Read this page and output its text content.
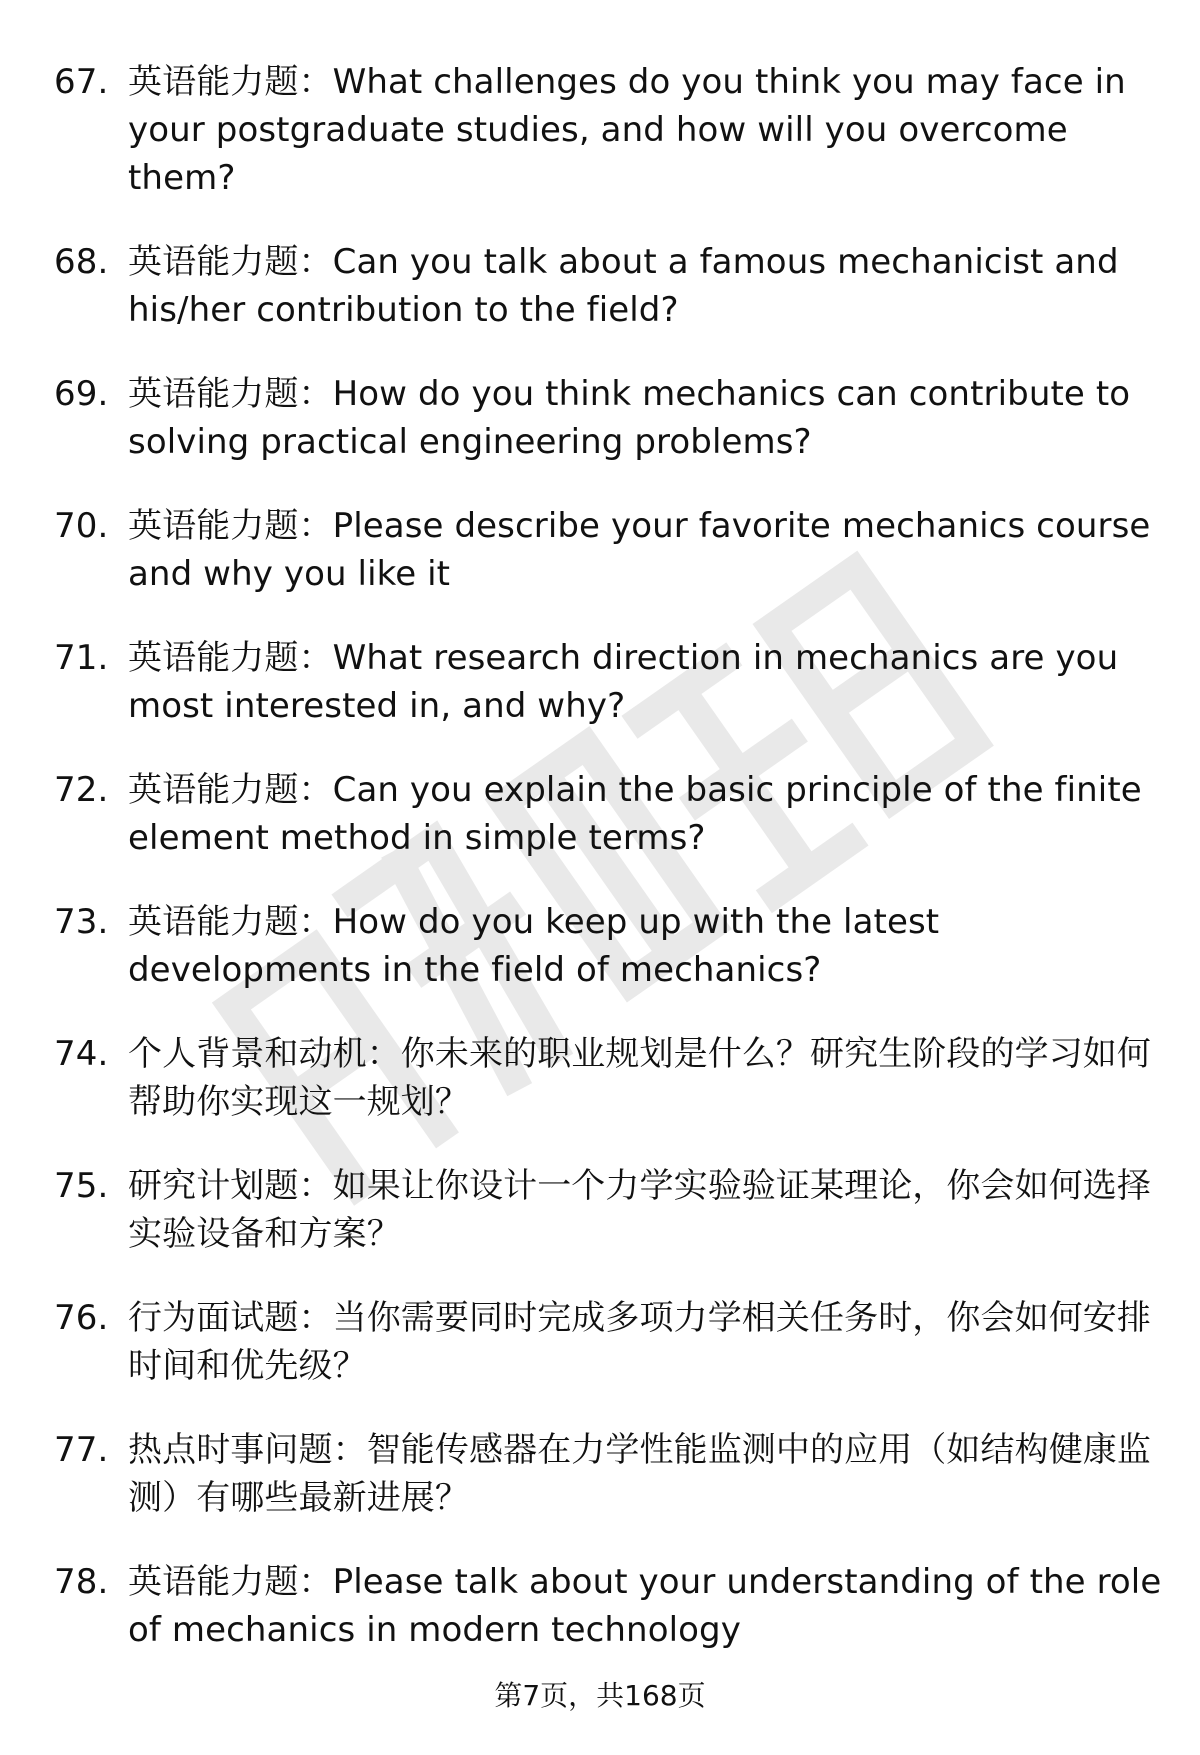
67. 英语能力题：What challenges do you think you may face in your postgraduate studies, and how will you overcome them?
68. 英语能力题：Can you talk about a famous mechanicist and his/her contribution to the field?
69. 英语能力题：How do you think mechanics can contribute to solving practical engineering problems?
70. 英语能力题：Please describe your favorite mechanics course and why you like it
71. 英语能力题：What research direction in mechanics are you most interested in, and why?
72. 英语能力题：Can you explain the basic principle of the finite element method in simple terms?
73. 英语能力题：How do you keep up with the latest developments in the field of mechanics?
74. 个人背景和动机：你未来的职业规划是什么？研究生阶段的学习如何帮助你实现这一规划？
75. 研究计划题：如果让你设计一个力学实验验证某理论，你会如何选择实验设备和方案？
76. 行为面试题：当你需要同时完成多项力学相关任务时，你会如何安排时间和优先级？
77. 热点时事问题：智能传感器在力学性能监测中的应用（如结构健康监测）有哪些最新进展？
78. 英语能力题：Please talk about your understanding of the role of mechanics in modern technology
第7页，共168页
